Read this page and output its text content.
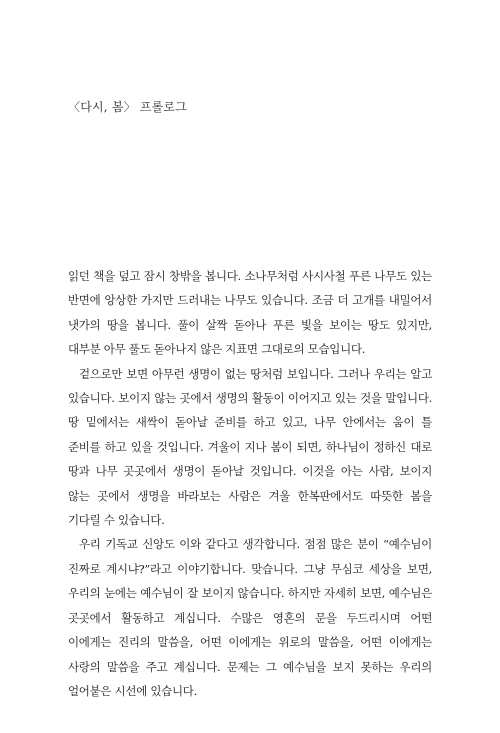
〈다시, 봄〉 프롤로그

읽던 책을 덮고 잠시 창밖을 봅니다. 소나무처럼 사시사철 푸른 나무도 있는 반면에 앙상한 가지만 드러내는 나무도 있습니다. 조금 더 고개를 내밀어서 냇가의 땅을 봅니다. 풀이 살짝 돋아나 푸른 빛을 보이는 땅도 있지만, 대부분 아무 풀도 돋아나지 않은 지표면 그대로의 모습입니다.

겉으로만 보면 아무런 생명이 없는 땅처럼 보입니다. 그러나 우리는 알고 있습니다. 보이지 않는 곳에서 생명의 활동이 이어지고 있는 것을 말입니다. 땅 밑에서는 새싹이 돋아날 준비를 하고 있고, 나무 안에서는 움이 틀 준비를 하고 있을 것입니다. 겨울이 지나 봄이 되면, 하나님이 정하신 대로 땅과 나무 곳곳에서 생명이 돋아날 것입니다. 이것을 아는 사람, 보이지 않는 곳에서 생명을 바라보는 사람은 겨울 한복판에서도 따뜻한 봄을 기다릴 수 있습니다.

우리 기독교 신앙도 이와 같다고 생각합니다. 점점 많은 분이 “예수님이 진짜로 계시냐?”라고 이야기합니다. 맞습니다. 그냥 무심코 세상을 보면, 우리의 눈에는 예수님이 잘 보이지 않습니다. 하지만 자세히 보면, 예수님은 곳곳에서 활동하고 계십니다. 수많은 영혼의 문을 두드리시며 어떤 이에게는 진리의 말씀을, 어떤 이에게는 위로의 말씀을, 어떤 이에게는 사랑의 말씀을 주고 계십니다. 문제는 그 예수님을 보지 못하는 우리의 얼어붙은 시선에 있습니다.
